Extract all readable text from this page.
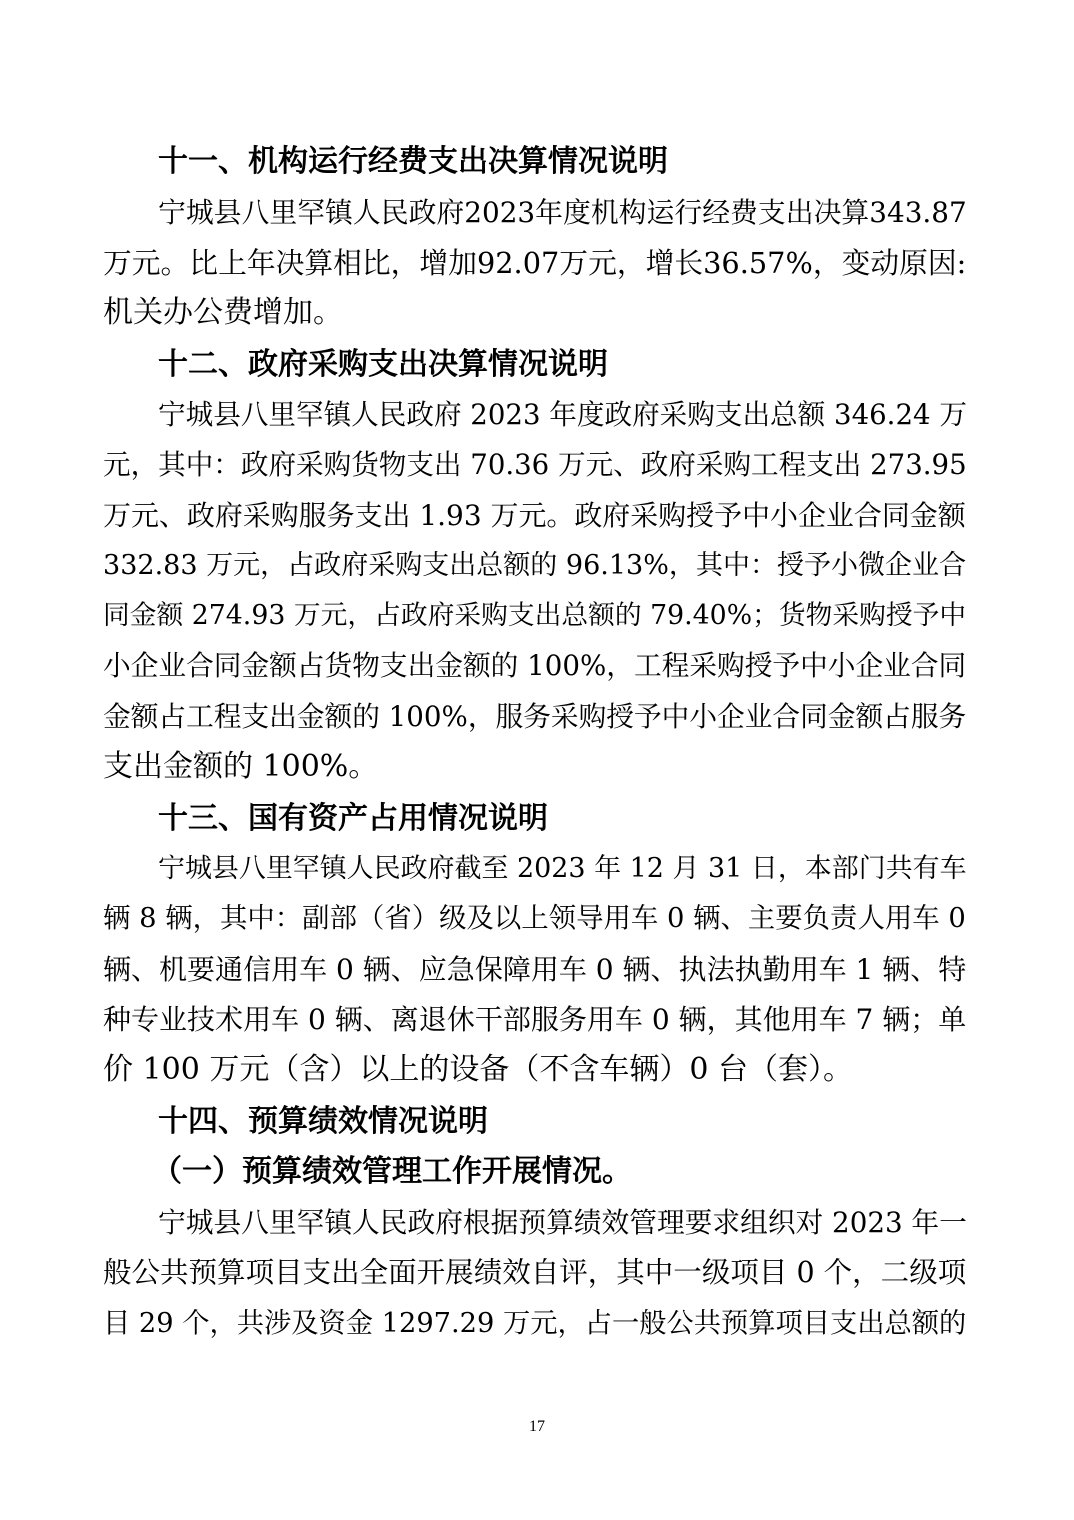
十一、机构运行经费支出决算情况说明
宁城县八里罕镇人民政府2023年度机构运行经费支出决算343.87
万元。比上年决算相比，增加92.07万元，增长36.57%，变动原因:
机关办公费增加。
十二、政府采购支出决算情况说明
宁城县八里罕镇人民政府 2023 年度政府采购支出总额 346.24 万
元，其中：政府采购货物支出 70.36 万元、政府采购工程支出 273.95
万元、政府采购服务支出 1.93 万元。政府采购授予中小企业合同金额
332.83 万元，占政府采购支出总额的 96.13%，其中：授予小微企业合
同金额 274.93 万元，占政府采购支出总额的 79.40%；货物采购授予中
小企业合同金额占货物支出金额的 100%，工程采购授予中小企业合同
金额占工程支出金额的 100%，服务采购授予中小企业合同金额占服务
支出金额的 100%。
十三、国有资产占用情况说明
宁城县八里罕镇人民政府截至 2023 年 12 月 31 日，本部门共有车
辆 8 辆，其中：副部（省）级及以上领导用车 0 辆、主要负责人用车 0
辆、机要通信用车 0 辆、应急保障用车 0 辆、执法执勤用车 1 辆、特
种专业技术用车 0 辆、离退休干部服务用车 0 辆，其他用车 7 辆；单
价 100 万元（含）以上的设备（不含车辆）0 台（套）。
十四、预算绩效情况说明
（一）预算绩效管理工作开展情况。
宁城县八里罕镇人民政府根据预算绩效管理要求组织对 2023 年一
般公共预算项目支出全面开展绩效自评，其中一级项目 0 个，二级项
目 29 个，共涉及资金 1297.29 万元，占一般公共预算项目支出总额的
17
